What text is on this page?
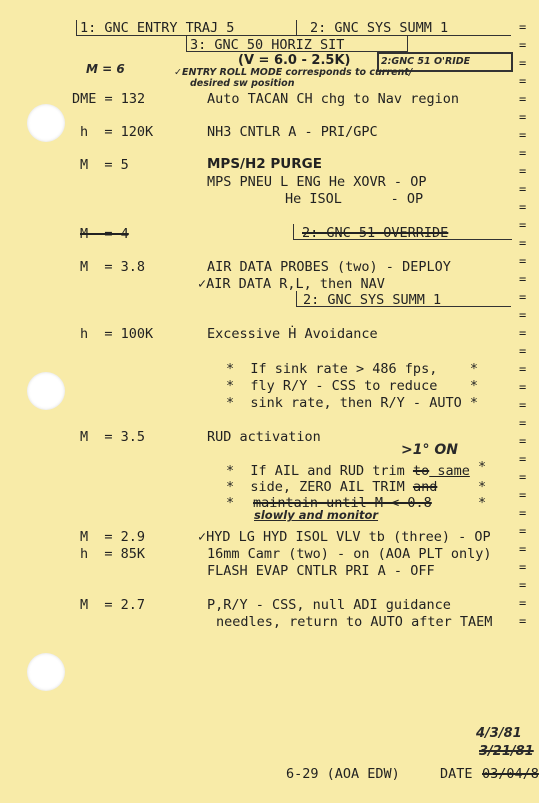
1: GNC ENTRY TRAJ 5	2: GNC SYS SUMM 1
3: GNC 50 HORIZ SIT
(V = 6.0 - 2.5K)	2:GNC 51 O'RIDE
M = 6	✓ENTRY ROLL MODE corresponds to current/
desired sw position
DME = 132	Auto TACAN CH chg to Nav region
h  = 120K	NH3 CNTLR A - PRI/GPC
M  = 5	MPS/H2 PURGE
MPS PNEU L ENG He XOVR - OP
He ISOL      - OP
M  = 4	2: GNC 51 OVERRIDE
M  = 3.8	AIR DATA PROBES (two) - DEPLOY
✓AIR DATA R,L, then NAV
2: GNC SYS SUMM 1
h  = 100K	Excessive Ḣ Avoidance
*  If sink rate > 486 fps,    *
*  fly R/Y - CSS to reduce    *
*  sink rate, then R/Y - AUTO *
M  = 3.5	RUD activation
>1° ON
*  If AIL and RUD trim to same *
*  side, ZERO AIL TRIM and	*
* maintain until M < 0.8	*
slowly and monitor
M  = 2.9	✓HYD LG HYD ISOL VLV tb (three) - OP
h  = 85K	16mm Camr (two) - on (AOA PLT only)
FLASH EVAP CNTLR PRI A - OFF
M  = 2.7	P,R/Y - CSS, null ADI guidance
needles, return to AUTO after TAEM
4/3/81
3/21/81
6-29 (AOA EDW)	DATE 03/04/8
=
=
=
=
=
=
=
=
=
=
=
=
=
=
=
=
=
=
=
=
=
=
=
=
=
=
=
=
=
=
=
=
=
=
